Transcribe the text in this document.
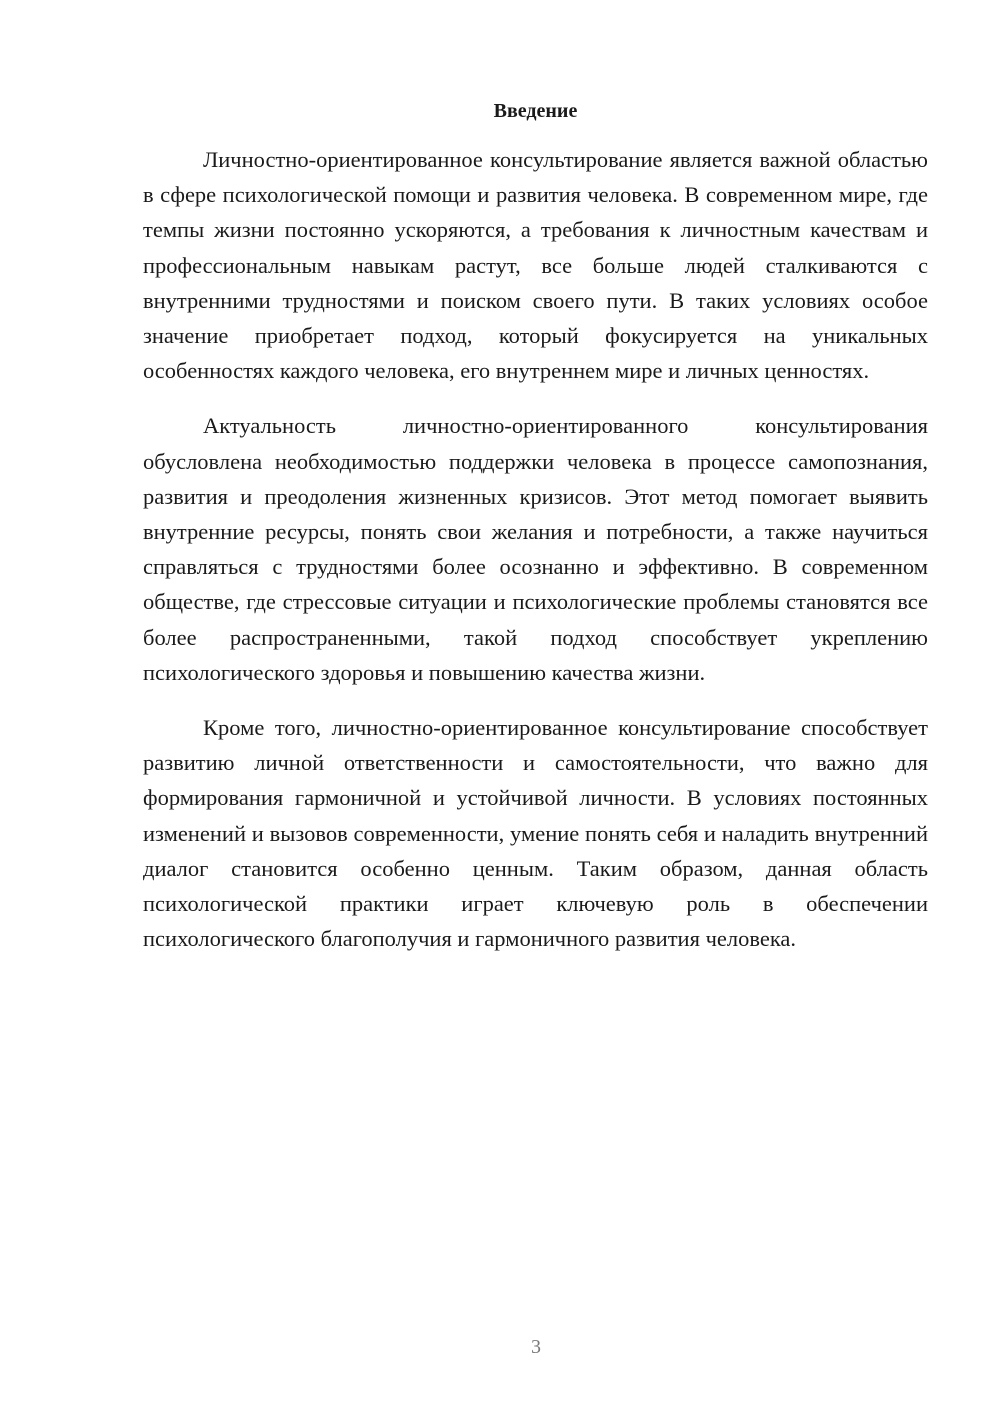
Введение

Личностно-ориентированное консультирование является важной областью в сфере психологической помощи и развития человека. В современном мире, где темпы жизни постоянно ускоряются, а требования к личностным качествам и профессиональным навыкам растут, все больше людей сталкиваются с внутренними трудностями и поиском своего пути. В таких условиях особое значение приобретает подход, который фокусируется на уникальных особенностях каждого человека, его внутреннем мире и личных ценностях.

Актуальность личностно-ориентированного консультирования обусловлена необходимостью поддержки человека в процессе самопознания, развития и преодоления жизненных кризисов. Этот метод помогает выявить внутренние ресурсы, понять свои желания и потребности, а также научиться справляться с трудностями более осознанно и эффективно. В современном обществе, где стрессовые ситуации и психологические проблемы становятся все более распространенными, такой подход способствует укреплению психологического здоровья и повышению качества жизни.

Кроме того, личностно-ориентированное консультирование способствует развитию личной ответственности и самостоятельности, что важно для формирования гармоничной и устойчивой личности. В условиях постоянных изменений и вызовов современности, умение понять себя и наладить внутренний диалог становится особенно ценным. Таким образом, данная область психологической практики играет ключевую роль в обеспечении психологического благополучия и гармоничного развития человека.

3
